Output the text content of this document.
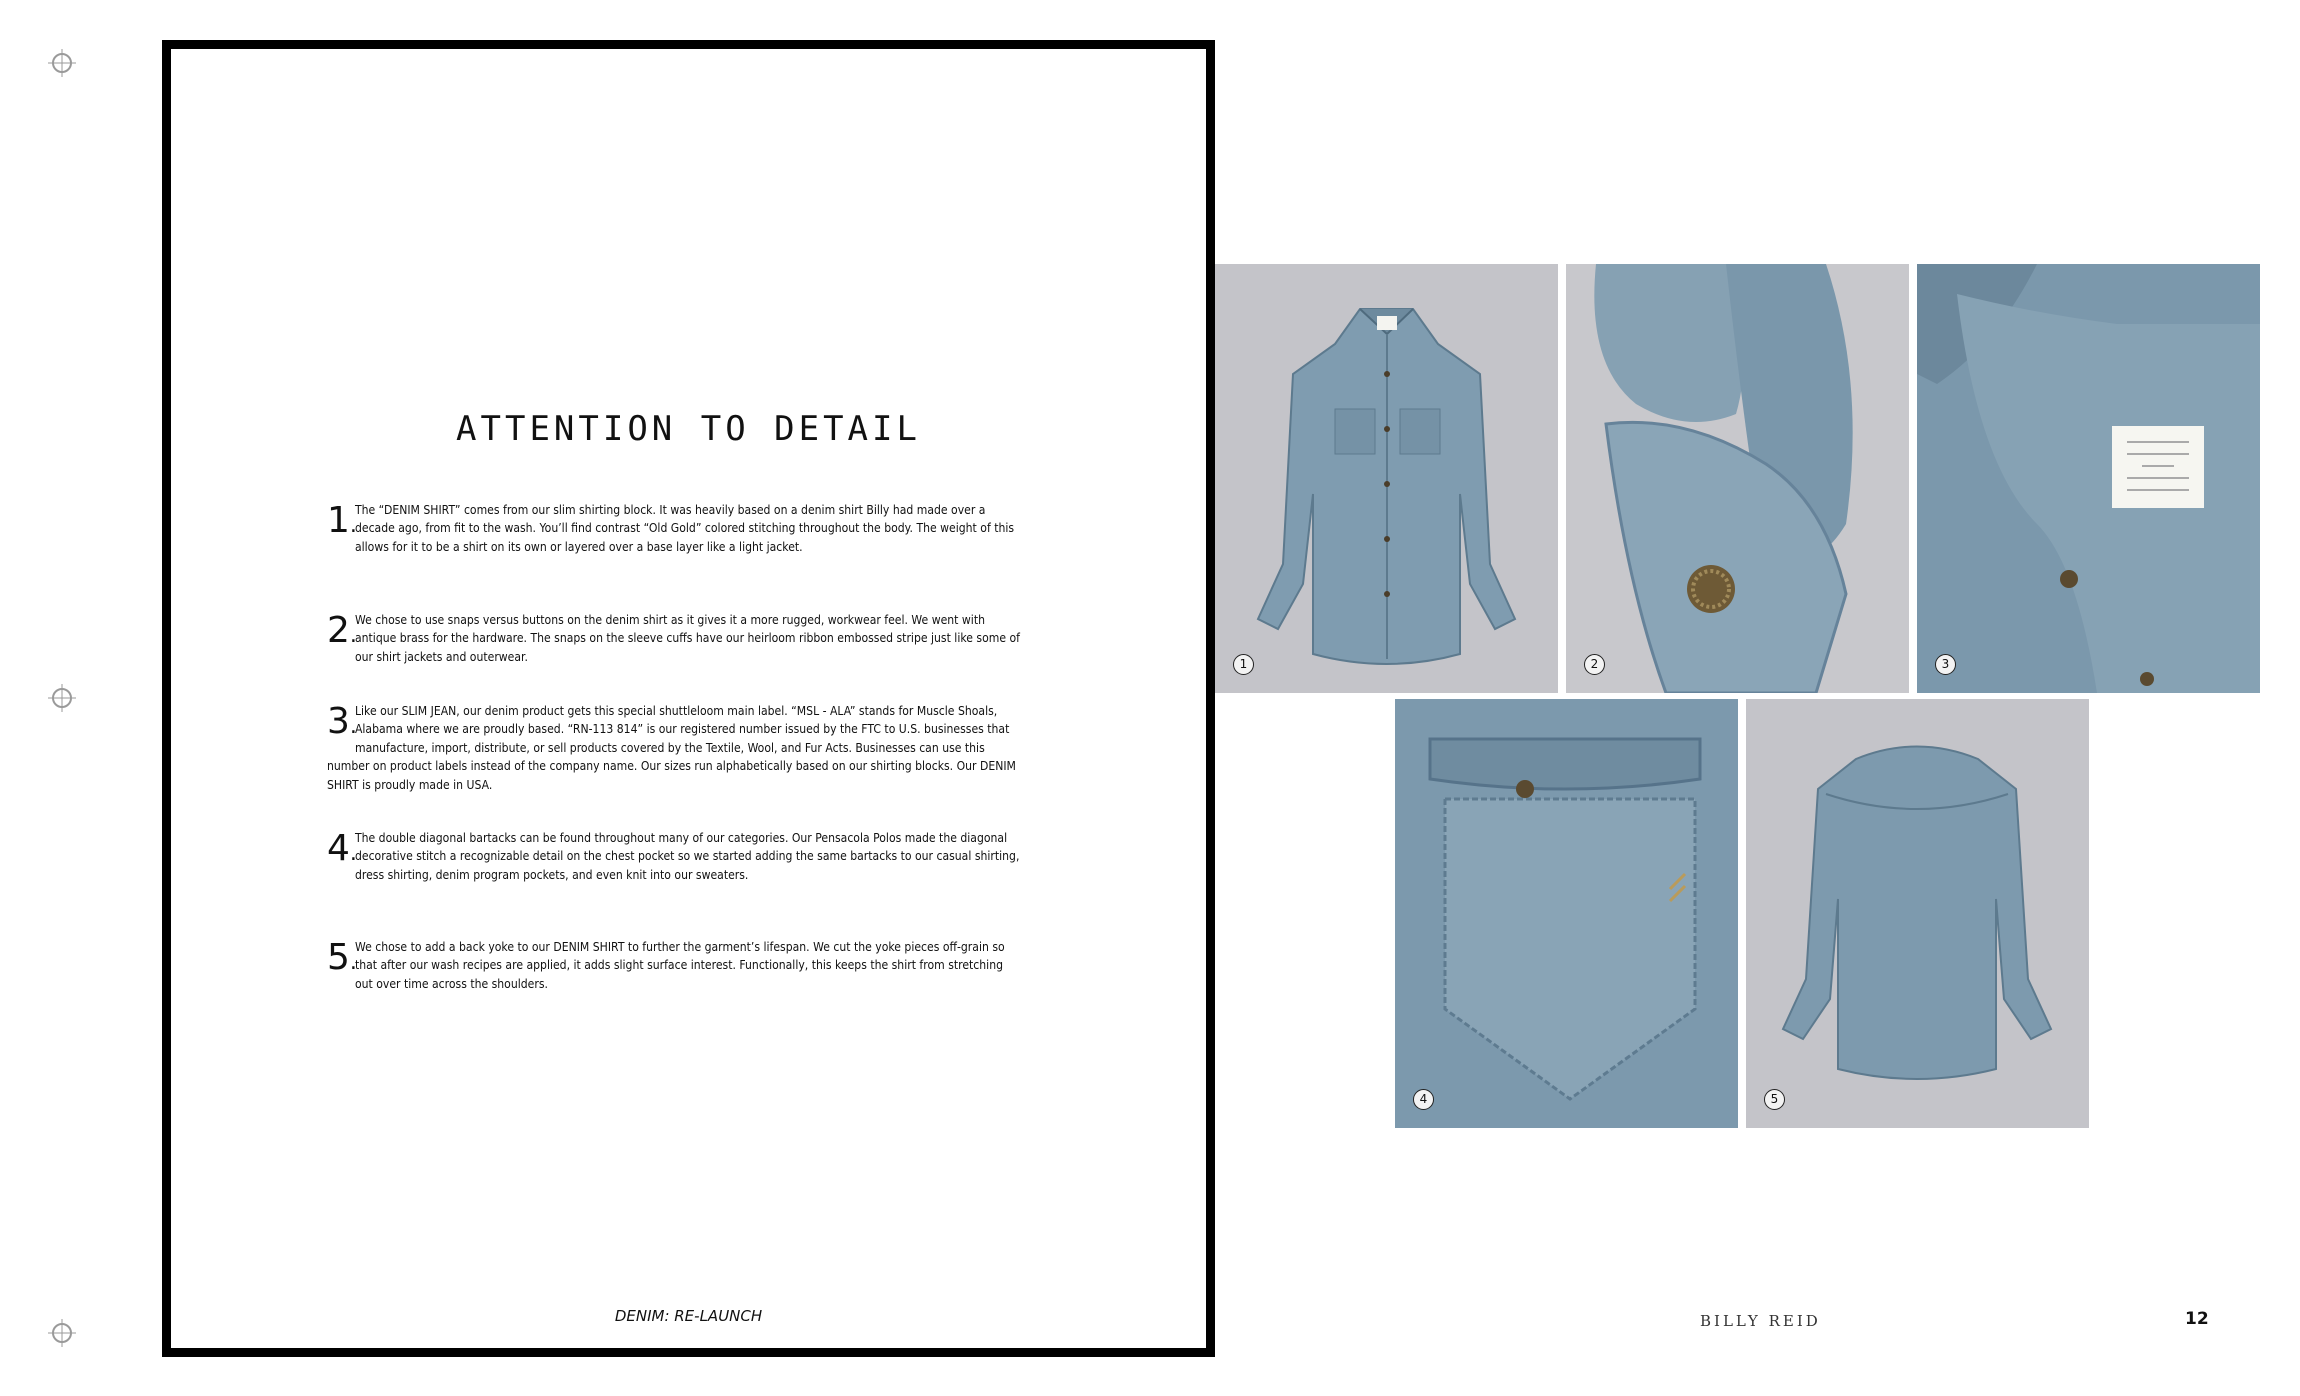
ATTENTION TO DETAIL
1.
The “DENIM SHIRT” comes from our slim shirting block. It was heavily based on a denim shirt Billy had made over a decade ago, from fit to the wash. You’ll find contrast “Old Gold” colored stitching throughout the body. The weight of this allows for it to be a shirt on its own or layered over a base layer like a light jacket.
2.
We chose to use snaps versus buttons on the denim shirt as it gives it a more rugged, workwear feel. We went with antique brass for the hardware. The snaps on the sleeve cuffs have our heirloom ribbon embossed stripe just like some of our shirt jackets and outerwear.
3.
Like our SLIM JEAN, our denim product gets this special shuttleloom main label. “MSL - ALA” stands for Muscle Shoals, Alabama where we are proudly based. “RN-113 814” is our registered number issued by the FTC to U.S. businesses that manufacture, import, distribute, or sell products covered by the Textile, Wool, and Fur Acts. Businesses can use this number on product labels instead of the company name. Our sizes run alphabetically based on our shirting blocks. Our DENIM SHIRT is proudly made in USA.
4.
The double diagonal bartacks can be found throughout many of our categories. Our Pensacola Polos made the diagonal decorative stitch a recognizable detail on the chest pocket so we started adding the same bartacks to our casual shirting, dress shirting, denim program pockets, and even knit into our sweaters.
5.
We chose to add a back yoke to our DENIM SHIRT to further the garment’s lifespan. We cut the yoke pieces off-grain so that after our wash recipes are applied, it adds slight surface interest. Functionally, this keeps the shirt from stretching out over time across the shoulders.
DENIM: RE-LAUNCH
1	2	3
4	5
BILLY REID	12
